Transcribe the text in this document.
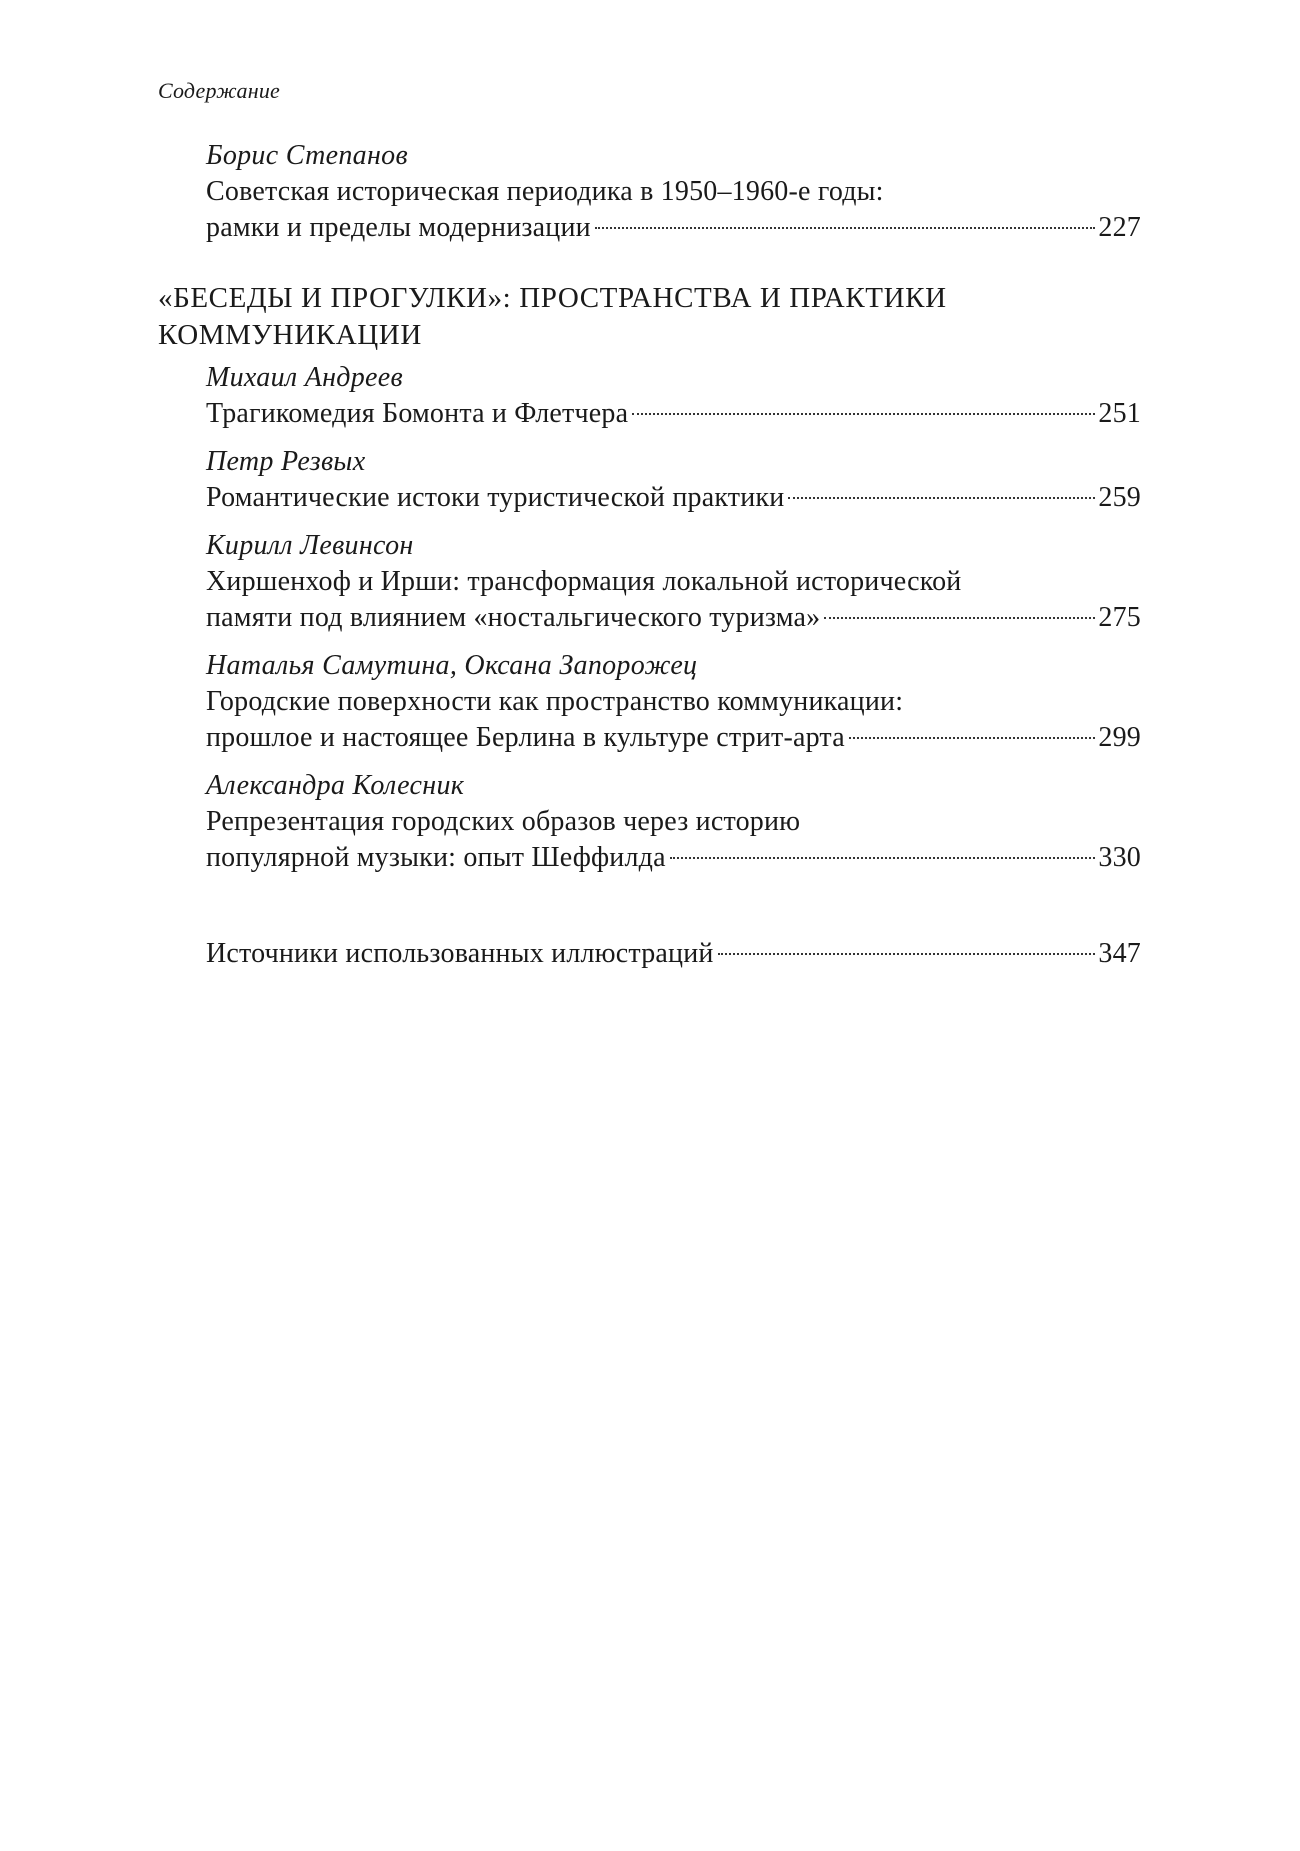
Содержание
Борис Степанов
Советская историческая периодика в 1950–1960-е годы:
рамки и пределы модернизации	227
«БЕСЕДЫ И ПРОГУЛКИ»: ПРОСТРАНСТВА И ПРАКТИКИ КОММУНИКАЦИИ
Михаил Андреев
Трагикомедия Бомонта и Флетчера	251
Петр Резвых
Романтические истоки туристической практики	259
Кирилл Левинсон
Хиршенхоф и Ирши: трансформация локальной исторической
памяти под влиянием «ностальгического туризма»	275
Наталья Самутина, Оксана Запорожец
Городские поверхности как пространство коммуникации:
прошлое и настоящее Берлина в культуре стрит-арта	299
Александра Колесник
Репрезентация городских образов через историю
популярной музыки: опыт Шеффилда	330
Источники использованных иллюстраций	347
